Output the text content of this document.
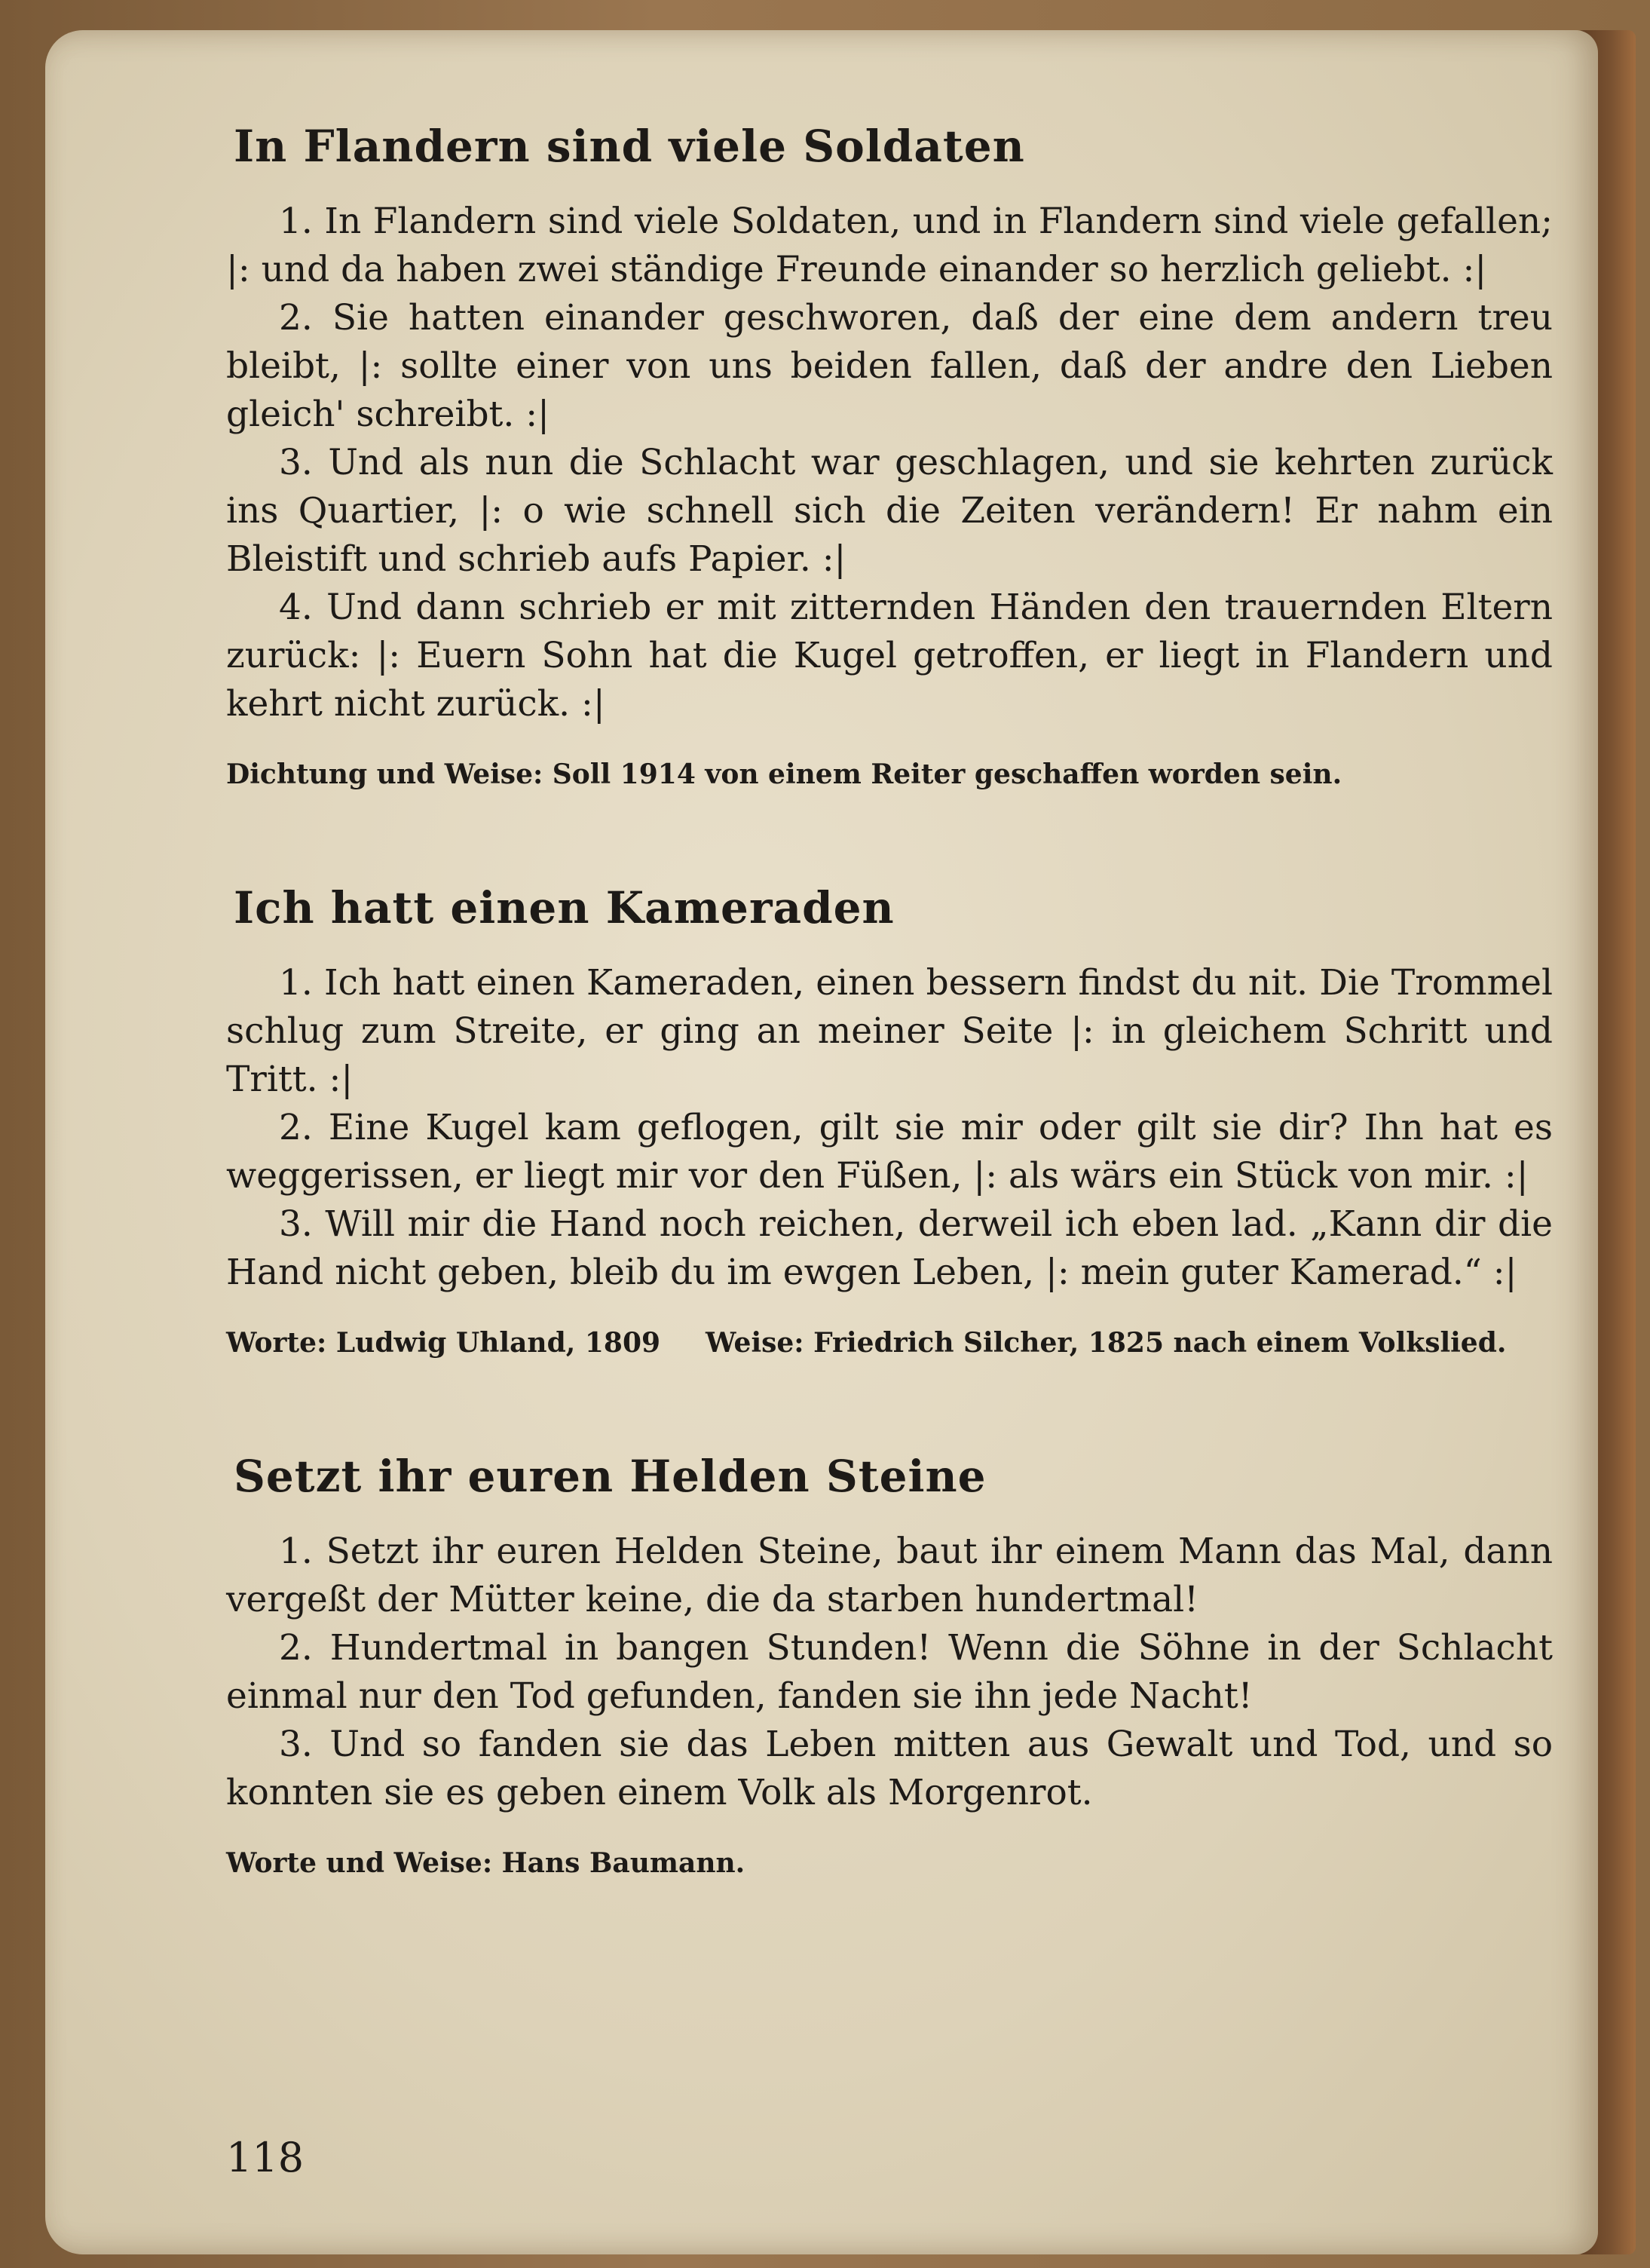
In Flandern sind viele Soldaten

1. In Flandern sind viele Soldaten, und in Flandern sind viele gefallen; |: und da haben zwei ständige Freunde einander so herzlich geliebt. :|

2. Sie hatten einander geschworen, daß der eine dem andern treu bleibt, |: sollte einer von uns beiden fallen, daß der andre den Lieben gleich' schreibt. :|

3. Und als nun die Schlacht war geschlagen, und sie kehrten zurück ins Quartier, |: o wie schnell sich die Zeiten verändern! Er nahm ein Bleistift und schrieb aufs Papier. :|

4. Und dann schrieb er mit zitternden Händen den trauernden Eltern zurück: |: Euern Sohn hat die Kugel getroffen, er liegt in Flandern und kehrt nicht zurück. :|

Dichtung und Weise: Soll 1914 von einem Reiter geschaffen worden sein.
Ich hatt einen Kameraden

1. Ich hatt einen Kameraden, einen bessern findst du nit. Die Trommel schlug zum Streite, er ging an meiner Seite |: in gleichem Schritt und Tritt. :|

2. Eine Kugel kam geflogen, gilt sie mir oder gilt sie dir? Ihn hat es weggerissen, er liegt mir vor den Füßen, |: als wärs ein Stück von mir. :|

3. Will mir die Hand noch reichen, derweil ich eben lad. „Kann dir die Hand nicht geben, bleib du im ewgen Leben, |: mein guter Kamerad.“ :|

Worte: Ludwig Uhland, 1809 Weise: Friedrich Silcher, 1825 nach einem Volkslied.
Setzt ihr euren Helden Steine

1. Setzt ihr euren Helden Steine, baut ihr einem Mann das Mal, dann vergeßt der Mütter keine, die da starben hundertmal!

2. Hundertmal in bangen Stunden! Wenn die Söhne in der Schlacht einmal nur den Tod gefunden, fanden sie ihn jede Nacht!

3. Und so fanden sie das Leben mitten aus Gewalt und Tod, und so konnten sie es geben einem Volk als Morgenrot.

Worte und Weise: Hans Baumann.
118
